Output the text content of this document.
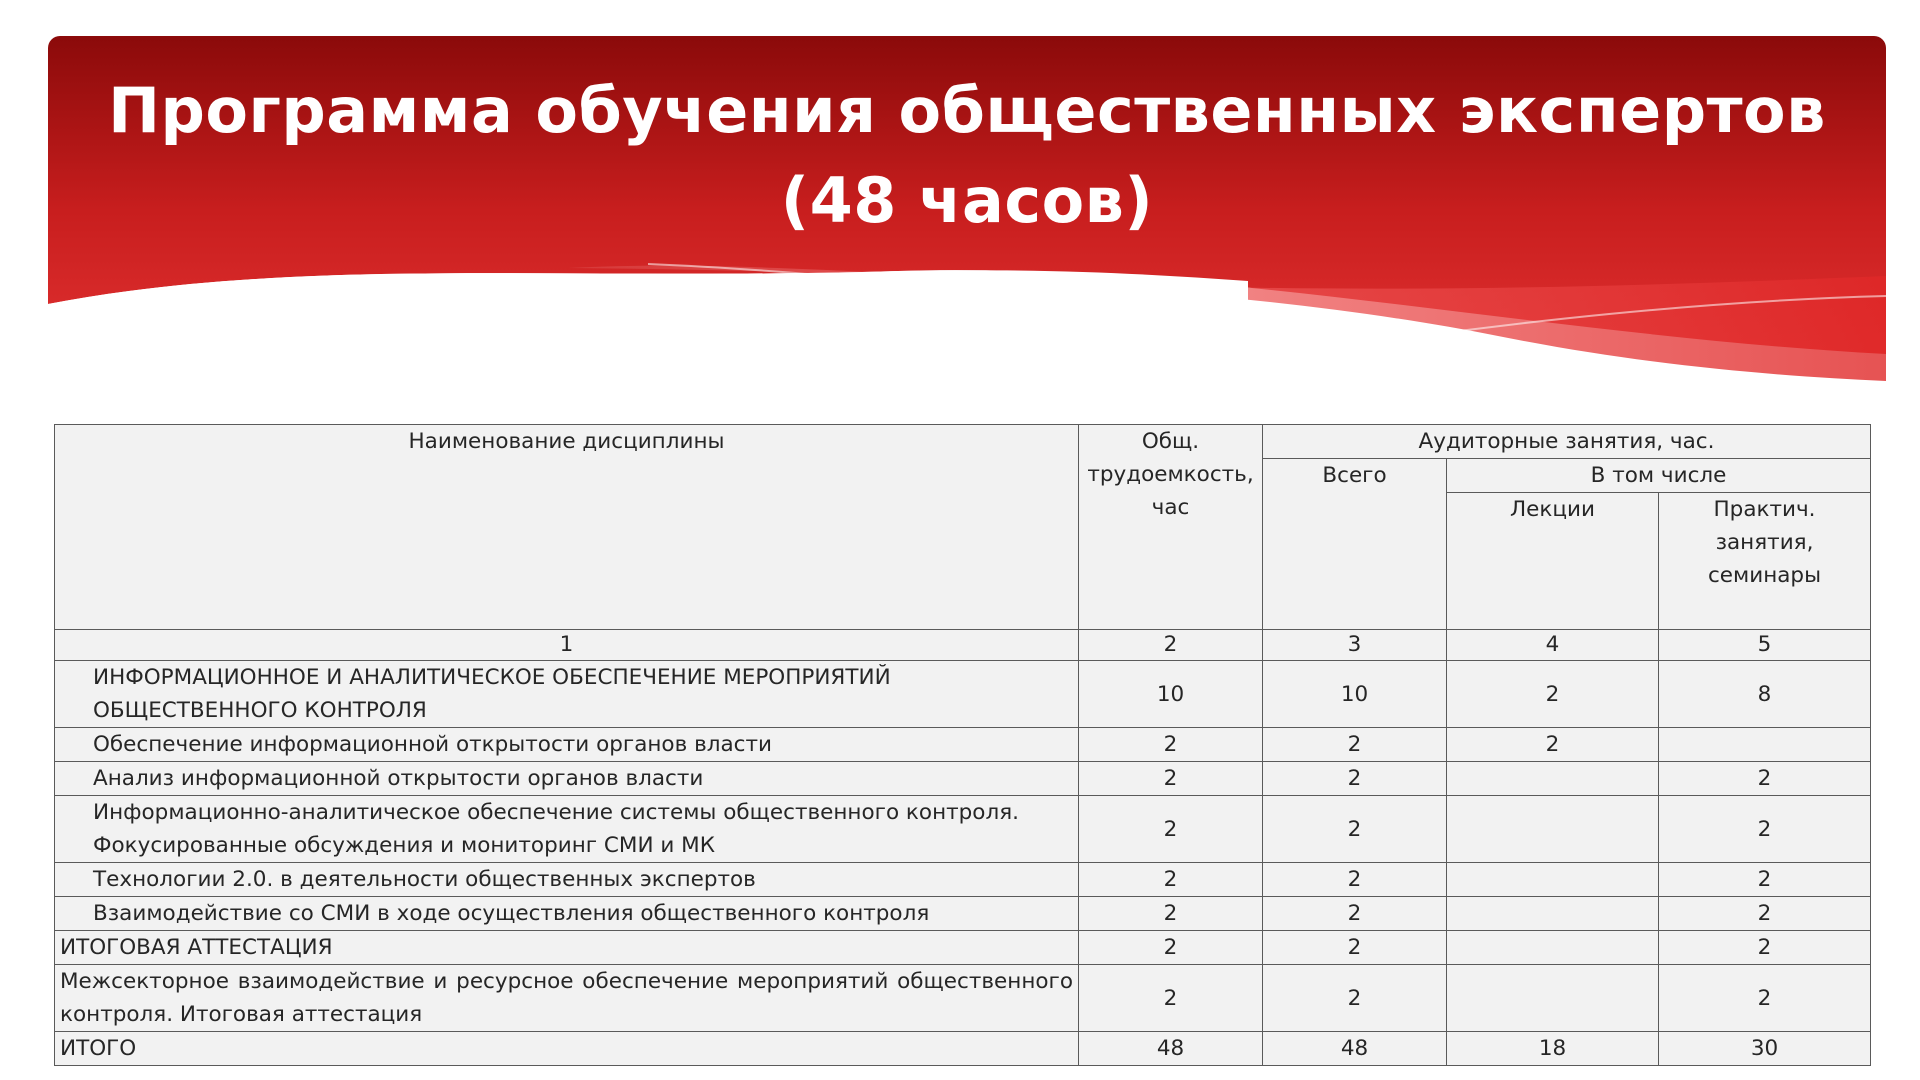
Программа обучения общественных экспертов
(48 часов)
Наименование дисциплины	Общ. трудоемкость, час	Аудиторные занятия, час.		
		Всего	В том числе	
			Лекции	Практич. занятия, семинары
1	2	3	4	5
ИНФОРМАЦИОННОЕ И АНАЛИТИЧЕСКОЕ ОБЕСПЕЧЕНИЕ МЕРОПРИЯТИЙ ОБЩЕСТВЕННОГО КОНТРОЛЯ	10	10	2	8
Обеспечение информационной открытости органов власти	2	2	2	
Анализ информационной открытости органов власти	2	2		2
Информационно-аналитическое обеспечение системы общественного контроля. Фокусированные обсуждения и мониторинг СМИ и МК	2	2		2
Технологии 2.0. в деятельности общественных экспертов	2	2		2
Взаимодействие со СМИ в ходе осуществления общественного контроля	2	2		2
ИТОГОВАЯ АТТЕСТАЦИЯ	2	2		2
Межсекторное взаимодействие и ресурсное обеспечение мероприятий общественного контроля. Итоговая аттестация	2	2		2
ИТОГО	48	48	18	30
